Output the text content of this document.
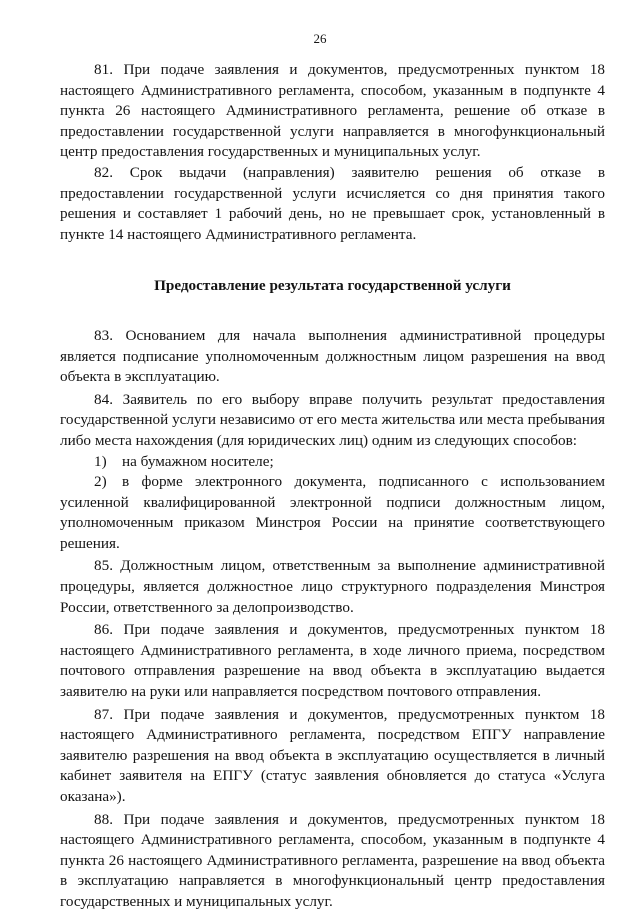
26

81. При подаче заявления и документов, предусмотренных пунктом 18 настоящего Административного регламента, способом, указанным в подпункте 4 пункта 26 настоящего Административного регламента, решение об отказе в предоставлении государственной услуги направляется в многофункциональный центр предоставления государственных и муниципальных услуг.

82. Срок выдачи (направления) заявителю решения об отказе в предоставлении государственной услуги исчисляется со дня принятия такого решения и составляет 1 рабочий день, но не превышает срок, установленный в пункте 14 настоящего Административного регламента.

Предоставление результата государственной услуги

83. Основанием для начала выполнения административной процедуры является подписание уполномоченным должностным лицом разрешения на ввод объекта в эксплуатацию.

84. Заявитель по его выбору вправе получить результат предоставления государственной услуги независимо от его места жительства или места пребывания либо места нахождения (для юридических лиц) одним из следующих способов:

1) на бумажном носителе;

2) в форме электронного документа, подписанного с использованием усиленной квалифицированной электронной подписи должностным лицом, уполномоченным приказом Минстроя России на принятие соответствующего решения.

85. Должностным лицом, ответственным за выполнение административной процедуры, является должностное лицо структурного подразделения Минстроя России, ответственного за делопроизводство.

86. При подаче заявления и документов, предусмотренных пунктом 18 настоящего Административного регламента, в ходе личного приема, посредством почтового отправления разрешение на ввод объекта в эксплуатацию выдается заявителю на руки или направляется посредством почтового отправления.

87. При подаче заявления и документов, предусмотренных пунктом 18 настоящего Административного регламента, посредством ЕПГУ направление заявителю разрешения на ввод объекта в эксплуатацию осуществляется в личный кабинет заявителя на ЕПГУ (статус заявления обновляется до статуса «Услуга оказана»).

88. При подаче заявления и документов, предусмотренных пунктом 18 настоящего Административного регламента, способом, указанным в подпункте 4 пункта 26 настоящего Административного регламента, разрешение на ввод объекта в эксплуатацию направляется в многофункциональный центр предоставления государственных и муниципальных услуг.
